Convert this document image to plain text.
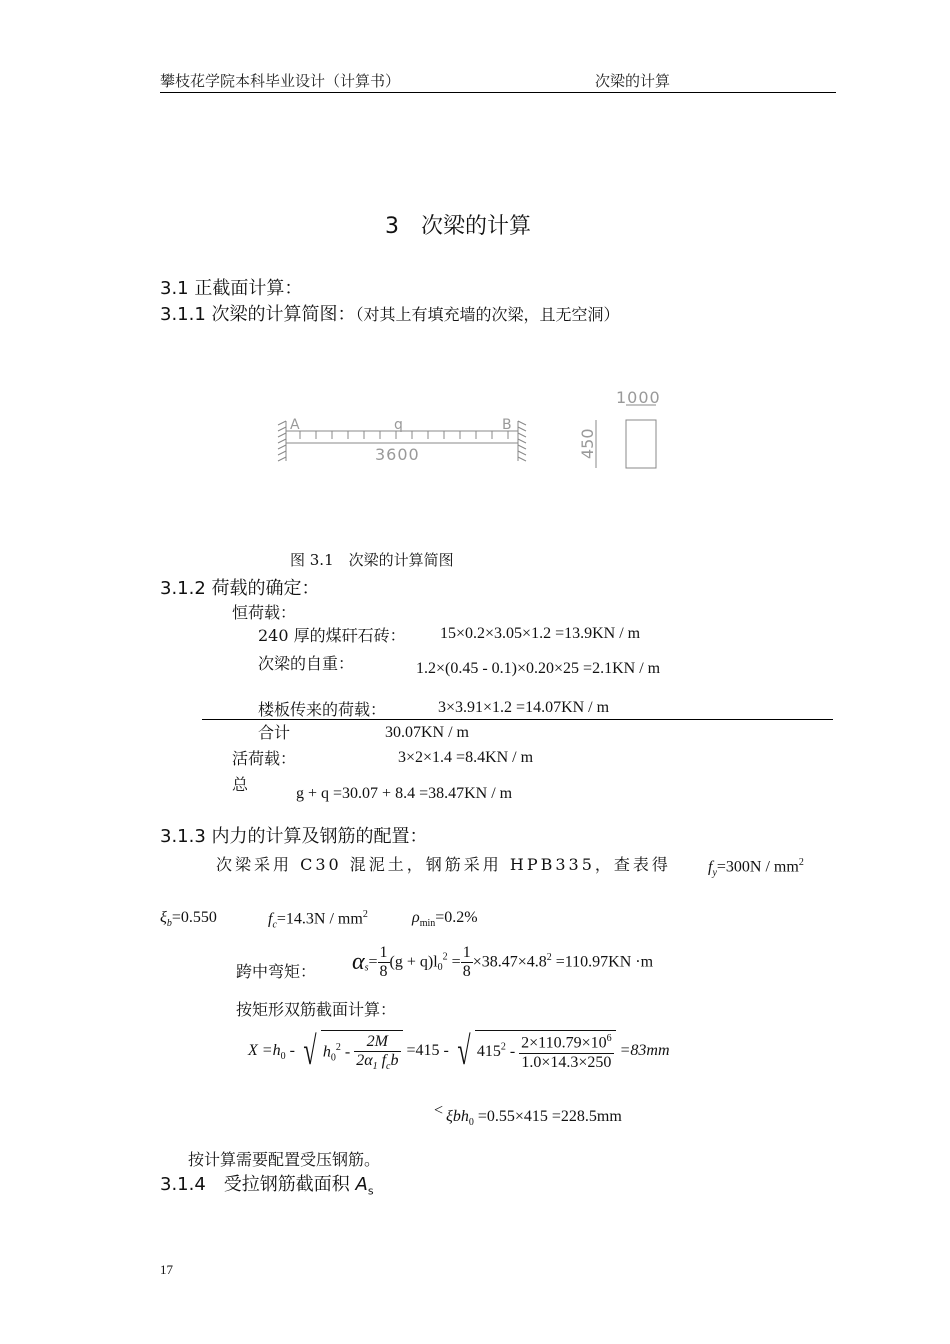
攀枝花学院本科毕业设计（计算书）	次梁的计算
3　次梁的计算
3.1 正截面计算：
3.1.1 次梁的计算简图：（对其上有填充墙的次梁，且无空洞）
A	q	B
3600
1000
450
图 3.1　次梁的计算简图
3.1.2 荷载的确定：
恒荷载：
240 厚的煤矸石砖： 15×0.2×3.05×1.2 =13.9KN / m
次梁的自重：	1.2×(0.45 - 0.1)×0.20×25 =2.1KN / m
楼板传来的荷载：	3×3.91×1.2 =14.07KN / m
合计	30.07KN / m
活荷载：	3×2×1.4 =8.4KN / m
总	g + q =30.07 + 8.4 =38.47KN / m
3.1.3 内力的计算及钢筋的配置：
次梁采用 C30 混泥土，钢筋采用 HPB335，查表得 $f_y=300N / mm^2$
$\xi_b=0.550$	$f_c=14.3N / mm^2$	$\rho_{min}=0.2\%$
跨中弯矩： $\alpha_s= \frac{1}{8} (g + q)l_0^2 = \frac{1}{8} \times 38.47\times 4.8^2 =110.97KN \cdot m$
按矩形双筋截面计算：
$X =h_0$ - √ $h_0^2 - \frac{2M}{2\alpha_1 f_cb} =415$ - √ $415^2 - \frac{2\times 110.79\times 10^6}{1.0\times 14.3\times 250} =83mm$
< ξbh$_0$ =0.55×415 =228.5mm
按计算需要配置受压钢筋。
3.1.4　受拉钢筋截面积 $A_s$
17
